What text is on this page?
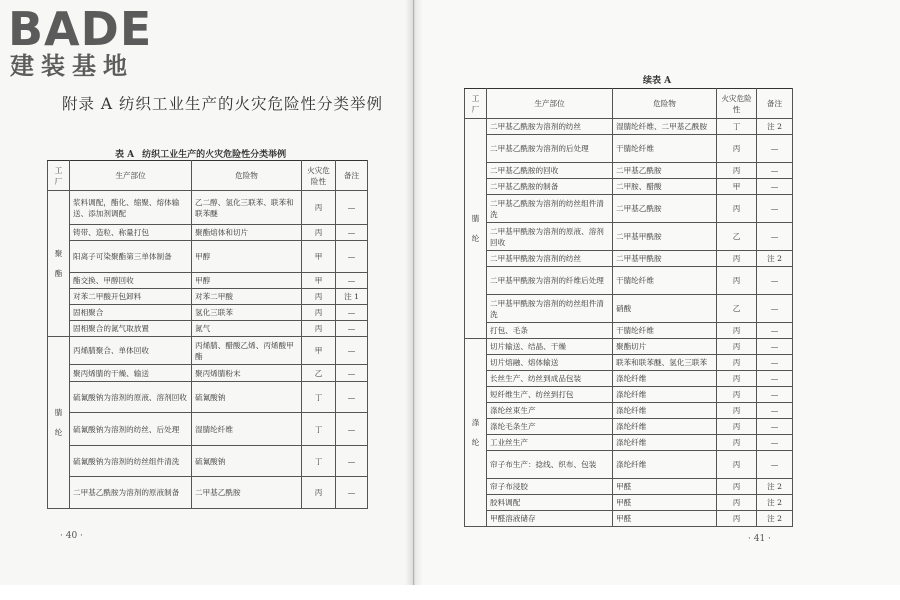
BADE
建装基地
附录 A 纺织工业生产的火灾危险性分类举例
表 A 纺织工业生产的火灾危险性分类举例
工厂	生产部位	危险物	火灾危险性	备注

聚
酯	浆料调配，酯化、缩聚、熔体输送、添加剂调配	乙二醇、氢化三联苯、联苯和联苯醚	丙	—
	铸带、造粒、称量打包	聚酯熔体和切片	丙	—
	阳离子可染聚酯第三单体制备	甲醇	甲	—
	酯交换、甲醇回收	甲醇	甲	—
	对苯二甲酸开包卸料	对苯二甲酸	丙	注 1
	固相聚合	氢化三联苯	丙	—
	固相聚合的氮气取放置	氮气	丙	—

腈
纶	丙烯腈聚合、单体回收	丙烯腈、醋酸乙烯、丙烯酸甲酯	甲	—
	聚丙烯腈的干燥、输送	聚丙烯腈粉末	乙	—
	硫氰酸钠为溶剂的原液、溶剂回收	硫氰酸钠	丁	—
	硫氰酸钠为溶剂的纺丝、后处理	湿腈纶纤维	丁	—
	硫氰酸钠为溶剂的纺丝组件清洗	硫氰酸钠	丁	—
	二甲基乙酰胺为溶剂的原液制备	二甲基乙酰胺	丙	—
· 40 ·
续表 A
工厂	生产部位	危险物	火灾危险性	备注

腈
纶	二甲基乙酰胺为溶剂的纺丝	湿腈纶纤维、二甲基乙酰胺	丁	注 2
	二甲基乙酰胺为溶剂的后处理	干腈纶纤维	丙	—
	二甲基乙酰胺的回收	二甲基乙酰胺	丙	—
	二甲基乙酰胺的制备	二甲胺、醋酸	甲	—
	二甲基乙酰胺为溶剂的纺丝组件清洗	二甲基乙酰胺	丙	—
	二甲基甲酰胺为溶剂的原液、溶剂回收	二甲基甲酰胺	乙	—
	二甲基甲酰胺为溶剂的纺丝	二甲基甲酰胺	丙	注 2
	二甲基甲酰胺为溶剂的纤维后处理	干腈纶纤维	丙	—
	二甲基甲酰胺为溶剂的纺丝组件清洗	硝酸	乙	—
	打包、毛条	干腈纶纤维	丙	—

涤
纶	切片输送、结晶、干燥	聚酯切片	丙	—
	切片熔融、熔体输送	联苯和联苯醚、氢化三联苯	丙	—
	长丝生产、纺丝到成品包装	涤纶纤维	丙	—
	短纤维生产、纺丝到打包	涤纶纤维	丙	—
	涤纶丝束生产	涤纶纤维	丙	—
	涤纶毛条生产	涤纶纤维	丙	—
	工业丝生产	涤纶纤维	丙	—
	帘子布生产：捻线、织布、包装	涤纶纤维	丙	—
	帘子布浸胶	甲醛	丙	注 2
	胶料调配	甲醛	丙	注 2
	甲醛溶液储存	甲醛	丙	注 2
· 41 ·
